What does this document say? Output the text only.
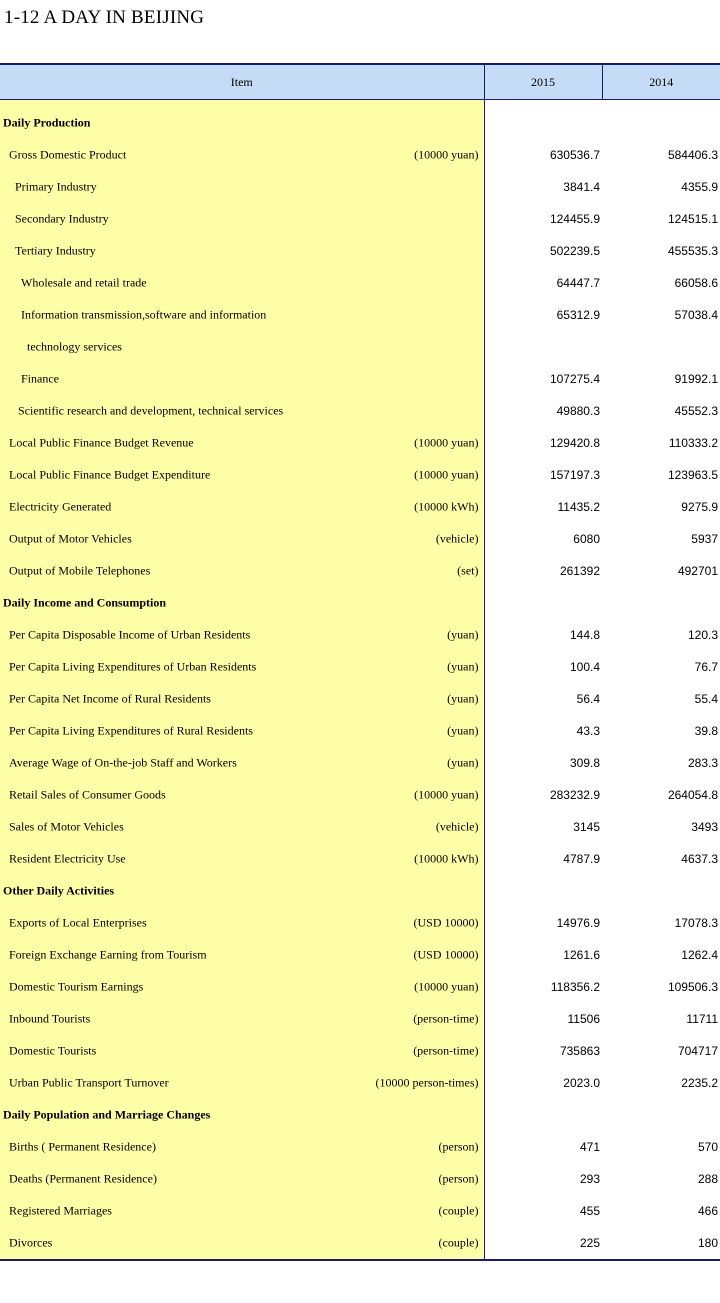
1-12 A DAY IN BEIJING
Item	2015	2014

Daily Production		

Gross Domestic Product (10000 yuan)	630536.7	584406.3

Primary Industry	3841.4	4355.9

Secondary Industry	124455.9	124515.1

Tertiary Industry	502239.5	455535.3

Wholesale and retail trade	64447.7	66058.6

Information transmission,software and information	65312.9	57038.4

technology services		

Finance	107275.4	91992.1

Scientific research and development, technical services	49880.3	45552.3

Local Public Finance Budget Revenue (10000 yuan)	129420.8	110333.2

Local Public Finance Budget Expenditure (10000 yuan)	157197.3	123963.5

Electricity Generated (10000 kWh)	11435.2	9275.9

Output of Motor Vehicles (vehicle)	6080	5937

Output of Mobile Telephones (set)	261392	492701

Daily Income and Consumption		

Per Capita Disposable Income of Urban Residents (yuan)	144.8	120.3

Per Capita Living Expenditures of Urban Residents (yuan)	100.4	76.7

Per Capita Net Income of Rural Residents (yuan)	56.4	55.4

Per Capita Living Expenditures of Rural Residents (yuan)	43.3	39.8

Average Wage of On-the-job Staff and Workers (yuan)	309.8	283.3

Retail Sales of Consumer Goods (10000 yuan)	283232.9	264054.8

Sales of Motor Vehicles (vehicle)	3145	3493

Resident Electricity Use (10000 kWh)	4787.9	4637.3

Other Daily Activities		

Exports of Local Enterprises (USD 10000)	14976.9	17078.3

Foreign Exchange Earning from Tourism (USD 10000)	1261.6	1262.4

Domestic Tourism Earnings (10000 yuan)	118356.2	109506.3

Inbound Tourists (person-time)	11506	11711

Domestic Tourists (person-time)	735863	704717

Urban Public Transport Turnover (10000 person-times)	2023.0	2235.2

Daily Population and Marriage Changes		

Births ( Permanent Residence) (person)	471	570

Deaths (Permanent Residence) (person)	293	288

Registered Marriages (couple)	455	466

Divorces (couple)	225	180
